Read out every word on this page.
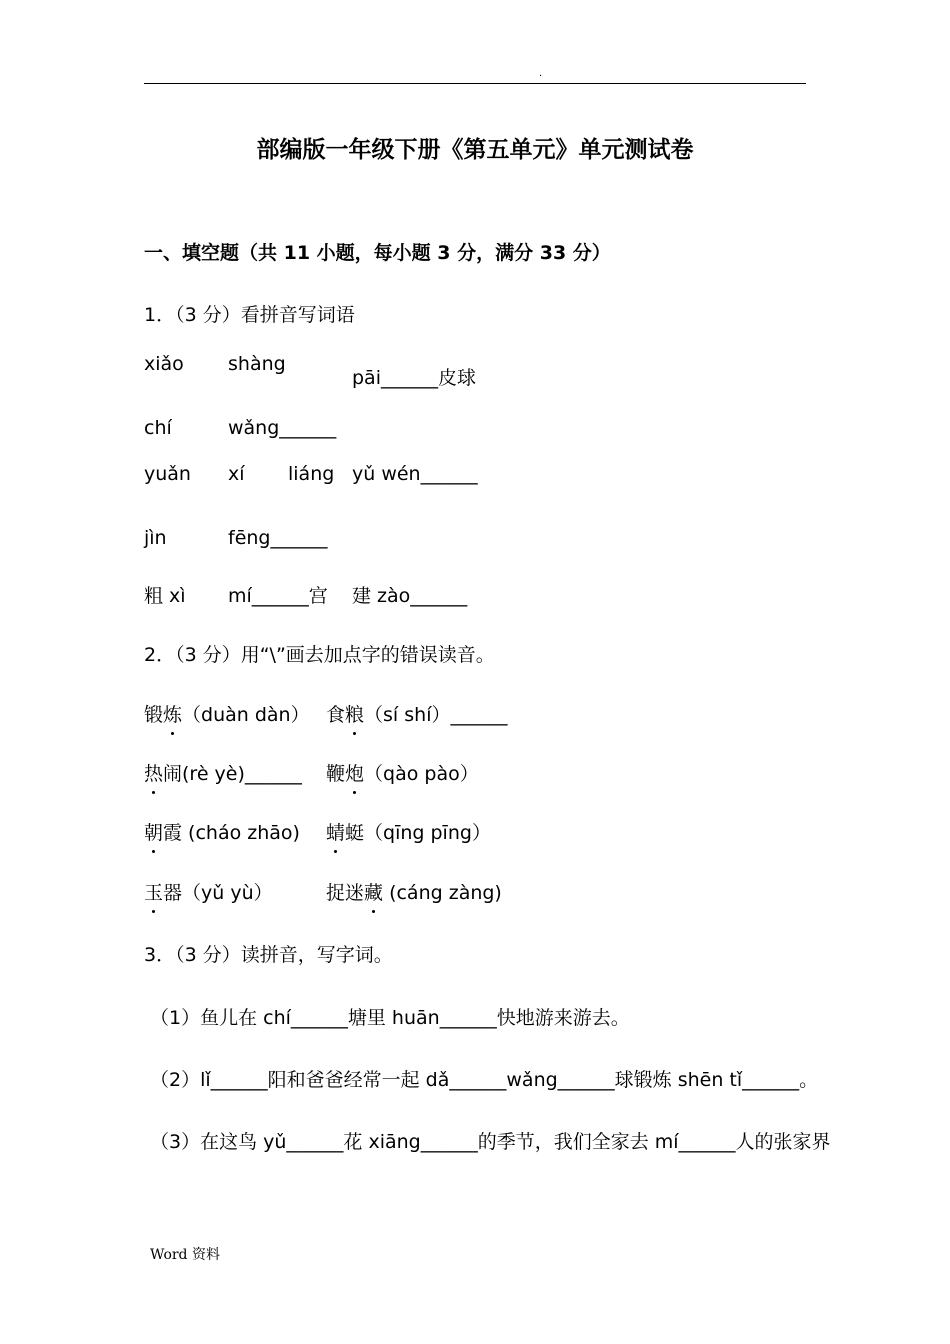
.
部编版一年级下册《第五单元》单元测试卷
一、填空题（共 11 小题，每小题 3 分，满分 33 分）
1．（3 分）看拼音写词语
xiǎo shàng
pāi______皮球
chí	wǎng______
yuǎn xí liáng yǔ wén______
jìn	fēng______
粗 xì mí______宫 建 zào______
2．（3 分）用“\”画去加点字的错误读音。
锻炼（duàn dàn） 食粮（sí shí）______
热闹(rè yè)______ 鞭炮（qào pào）
朝霞 (cháo zhāo) 蜻蜓（qīng pīng）
玉器（yǔ yù）	捉迷藏 (cáng zàng)
3．（3 分）读拼音，写字词。
（1）鱼儿在 chí______塘里 huān______快地游来游去。
（2）lǐ______阳和爸爸经常一起 dǎ______wǎng______球锻炼 shēn tǐ______。
（3）在这鸟 yǔ______花 xiāng______的季节，我们全家去 mí______人的张家界
Word 资料
